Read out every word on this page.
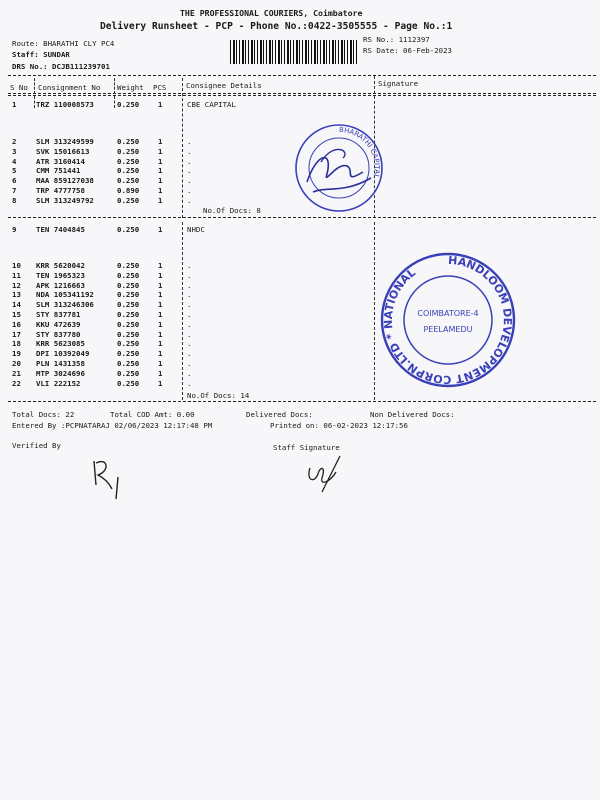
THE PROFESSIONAL COURIERS, Coimbatore
Delivery Runsheet - PCP - Phone No.:0422-3505555 - Page No.:1
Route: BHARATHI CLY PC4
Staff: SUNDAR
DRS No.: DCJB111239701
RS No.: 1112397
RS Date: 06-Feb-2023
S No Consignment No Weight PCS	Consignee Details	Signature
1	TRZ 110008573	0.250	1	CBE CAPITAL
2	SLM 313249599	0.250	1	.
3	SVK 15016613	0.250	1	.
4	ATR 3160414	0.250	1	.
5	CMM 751441	0.250	1	.
6	MAA 859127038	0.250	1	.
7	TRP 4777758	0.890	1	.
8	SLM 313249792	0.250	1	.
No.Of Docs: 8
9	TEN 7404845	0.250	1	NHDC
10 KRR 5620042	0.250	1	.
11 TEN 1965323	0.250	1	.
12 APK 1216663	0.250	1	.
13 NDA 105341192	0.250	1	.
14 SLM 313246306	0.250	1	.
15 STY 837781	0.250	1	.
16 KKU 472639	0.250	1	.
17 STY 837780	0.250	1	.
18 KRR 5623085	0.250	1	.
19 DPI 10392049	0.250	1	.
20 PLN 1431358	0.250	1	.
21 MTP 3024696	0.250	1	.
22 VLI 222152	0.250	1	.
No.Of Docs: 14
Total Docs: 22	Total COD Amt: 0.00	Delivered Docs:	Non Delivered Docs:
Entered By :PCPNATARAJ 02/06/2023 12:17:48 PM	Printed on: 06-02-2023 12:17:56
Verified By	Staff Signature
BHARATHI CAPITAL
HANDLOOM DEVELOPMENT CORPN.LTD * NATIONAL
COIMBATORE-4
PEELAMEDU
